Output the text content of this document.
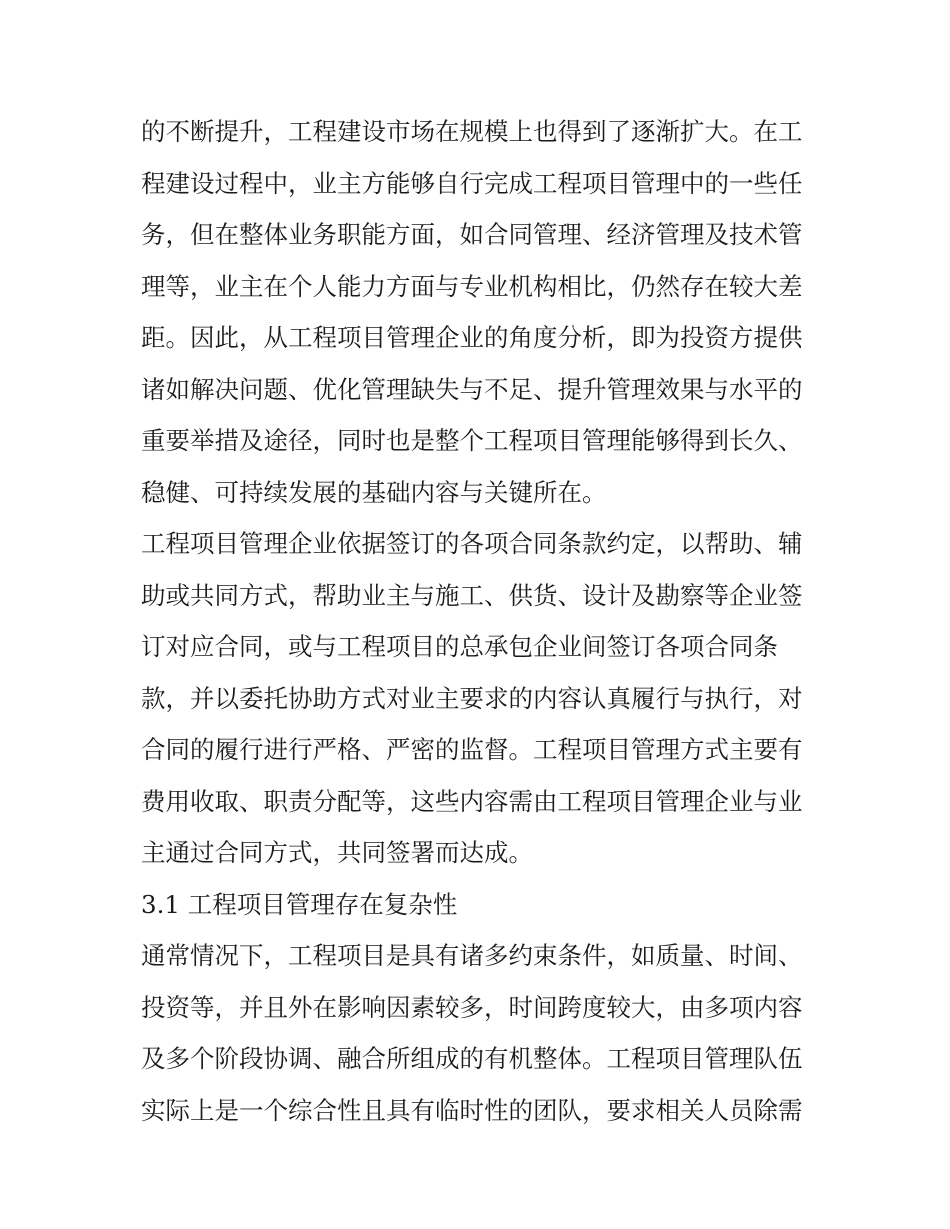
的不断提升，工程建设市场在规模上也得到了逐渐扩大。在工
程建设过程中，业主方能够自行完成工程项目管理中的一些任
务，但在整体业务职能方面，如合同管理、经济管理及技术管
理等，业主在个人能力方面与专业机构相比，仍然存在较大差
距。因此，从工程项目管理企业的角度分析，即为投资方提供
诸如解决问题、优化管理缺失与不足、提升管理效果与水平的
重要举措及途径，同时也是整个工程项目管理能够得到长久、
稳健、可持续发展的基础内容与关键所在。
工程项目管理企业依据签订的各项合同条款约定，以帮助、辅
助或共同方式，帮助业主与施工、供货、设计及勘察等企业签
订对应合同，或与工程项目的总承包企业间签订各项合同条
款，并以委托协助方式对业主要求的内容认真履行与执行，对
合同的履行进行严格、严密的监督。工程项目管理方式主要有
费用收取、职责分配等，这些内容需由工程项目管理企业与业
主通过合同方式，共同签署而达成。
3.1 工程项目管理存在复杂性
通常情况下，工程项目是具有诸多约束条件，如质量、时间、
投资等，并且外在影响因素较多，时间跨度较大，由多项内容
及多个阶段协调、融合所组成的有机整体。工程项目管理队伍
实际上是一个综合性且具有临时性的团队，要求相关人员除需
